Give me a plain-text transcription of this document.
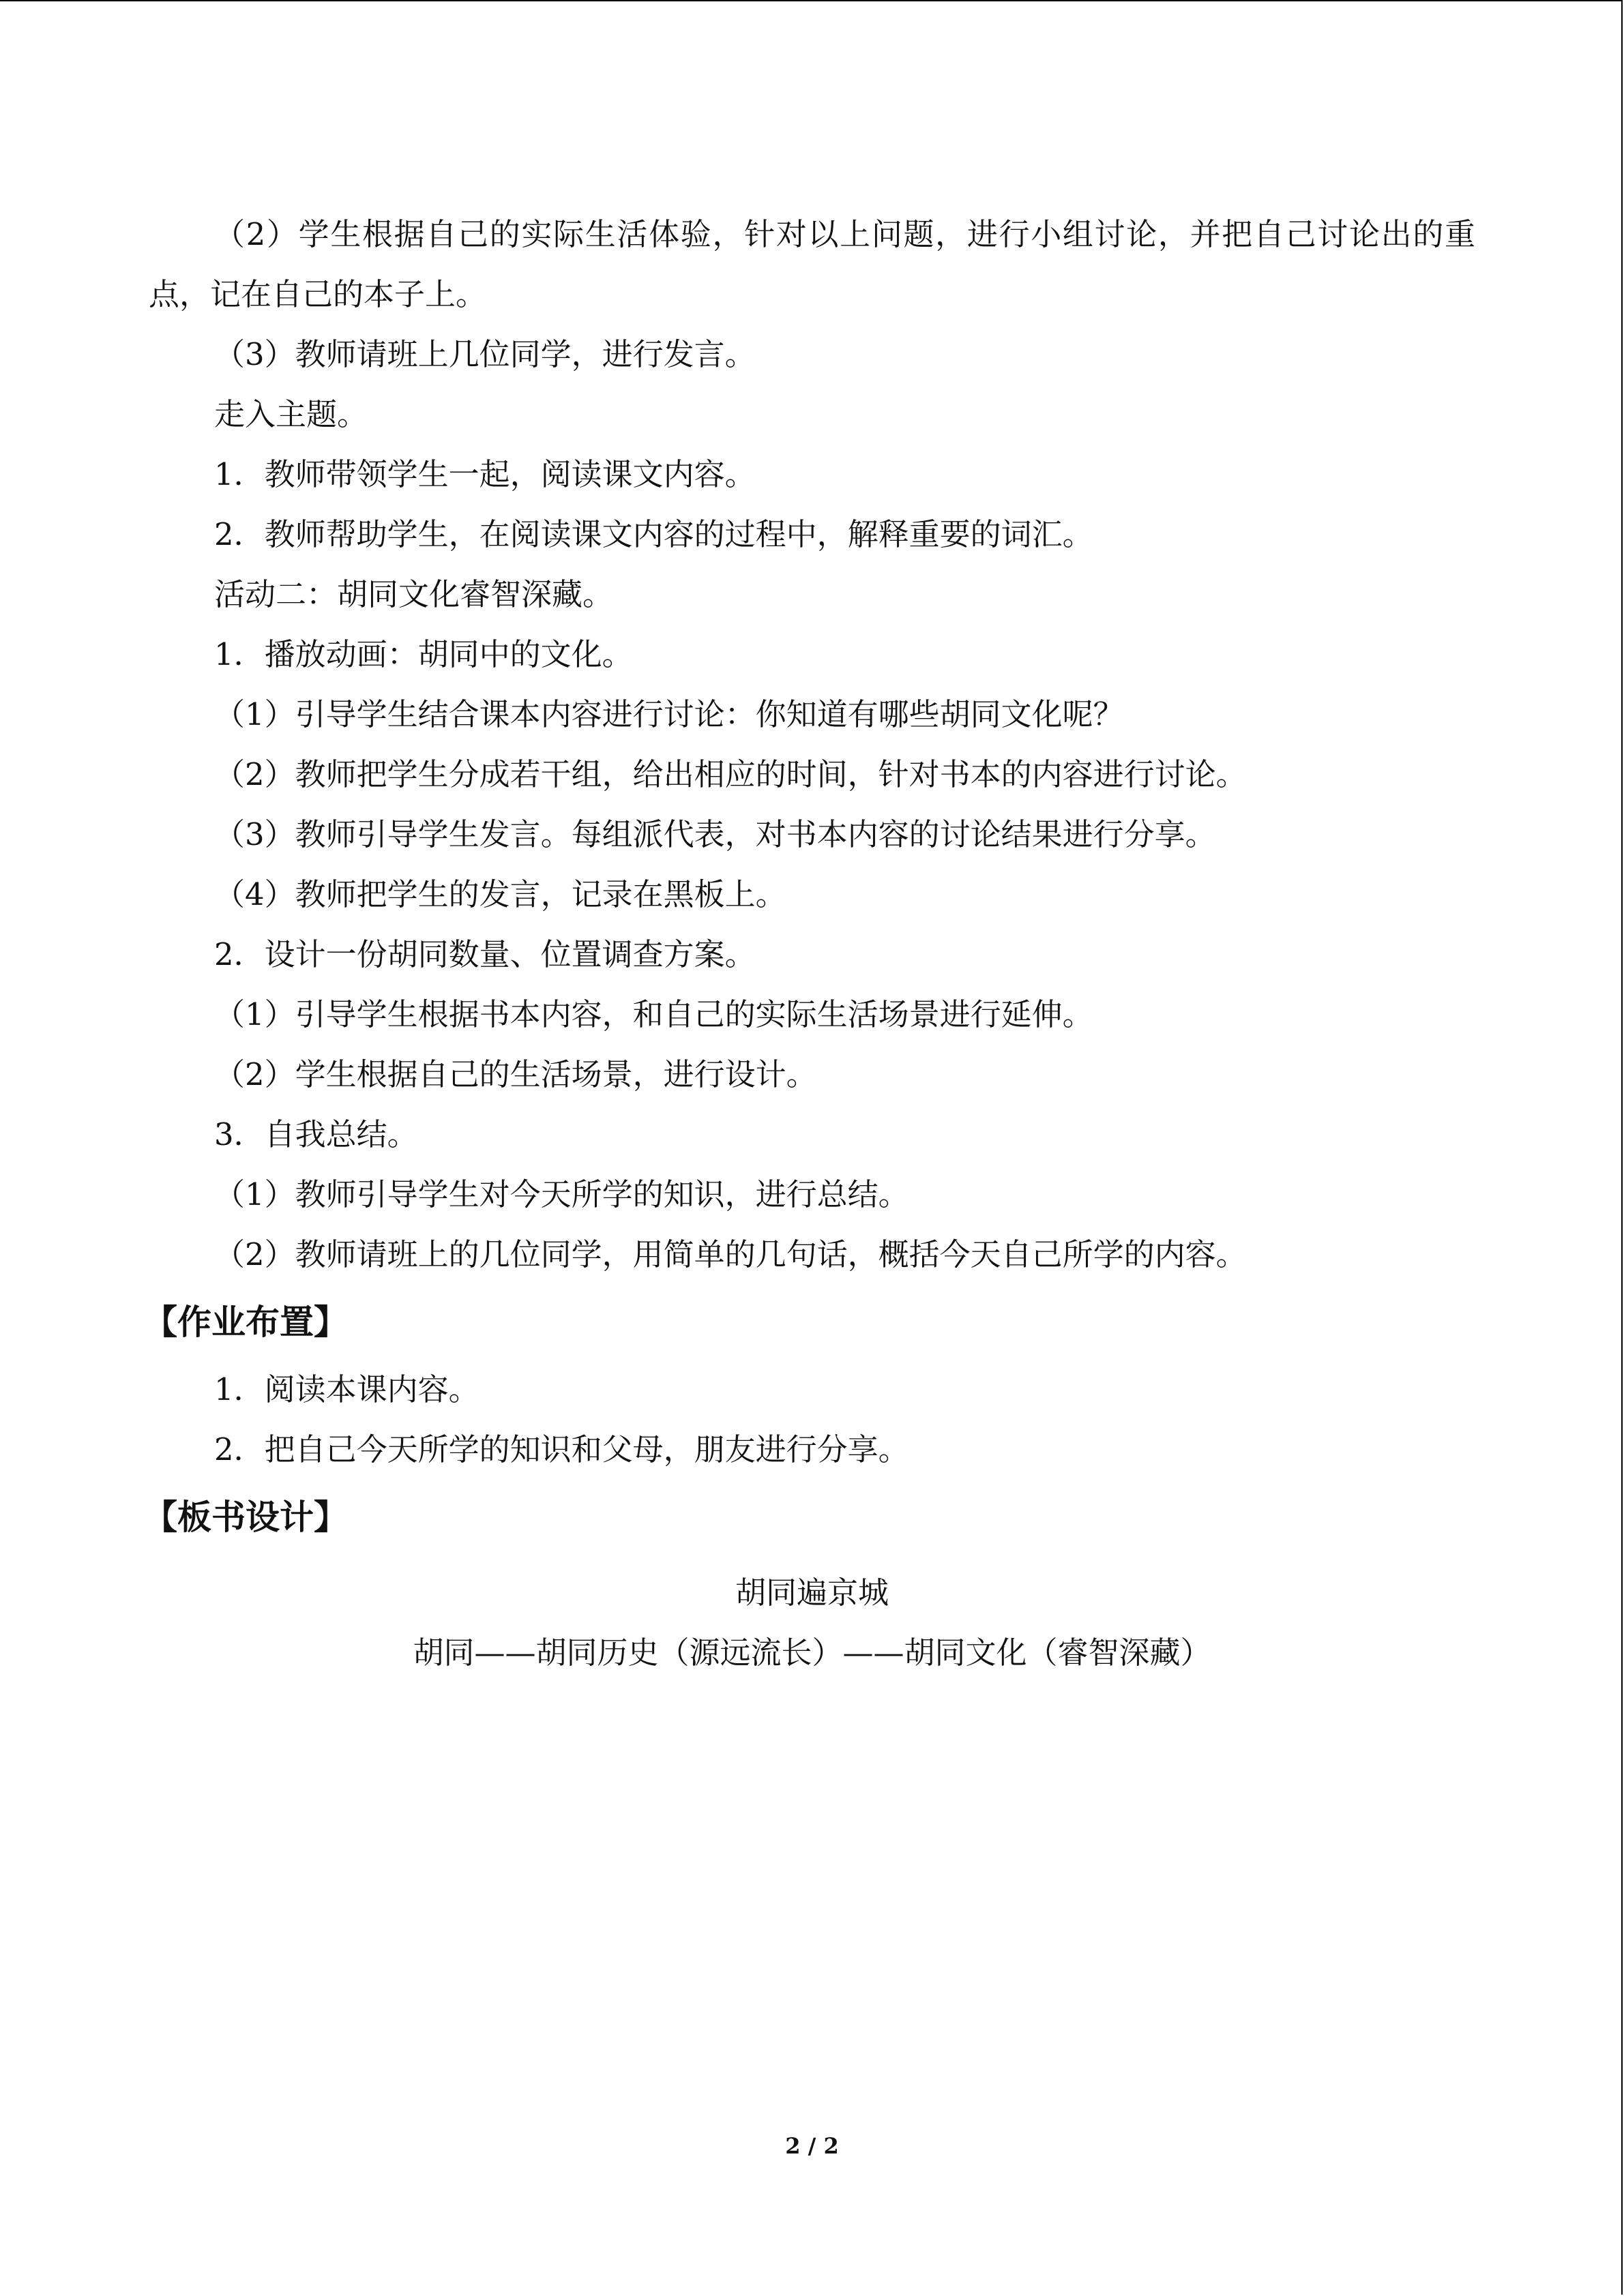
（2）学生根据自己的实际生活体验，针对以上问题，进行小组讨论，并把自己讨论出的重点，记在自己的本子上。
（3）教师请班上几位同学，进行发言。
走入主题。
1．教师带领学生一起，阅读课文内容。
2．教师帮助学生，在阅读课文内容的过程中，解释重要的词汇。
活动二：胡同文化睿智深藏。
1．播放动画：胡同中的文化。
（1）引导学生结合课本内容进行讨论：你知道有哪些胡同文化呢？
（2）教师把学生分成若干组，给出相应的时间，针对书本的内容进行讨论。
（3）教师引导学生发言。每组派代表，对书本内容的讨论结果进行分享。
（4）教师把学生的发言，记录在黑板上。
2．设计一份胡同数量、位置调查方案。
（1）引导学生根据书本内容，和自己的实际生活场景进行延伸。
（2）学生根据自己的生活场景，进行设计。
3．自我总结。
（1）教师引导学生对今天所学的知识，进行总结。
（2）教师请班上的几位同学，用简单的几句话，概括今天自己所学的内容。
【作业布置】
1．阅读本课内容。
2．把自己今天所学的知识和父母，朋友进行分享。
【板书设计】
胡同遍京城
胡同——胡同历史（源远流长）——胡同文化（睿智深藏）
2 / 2
